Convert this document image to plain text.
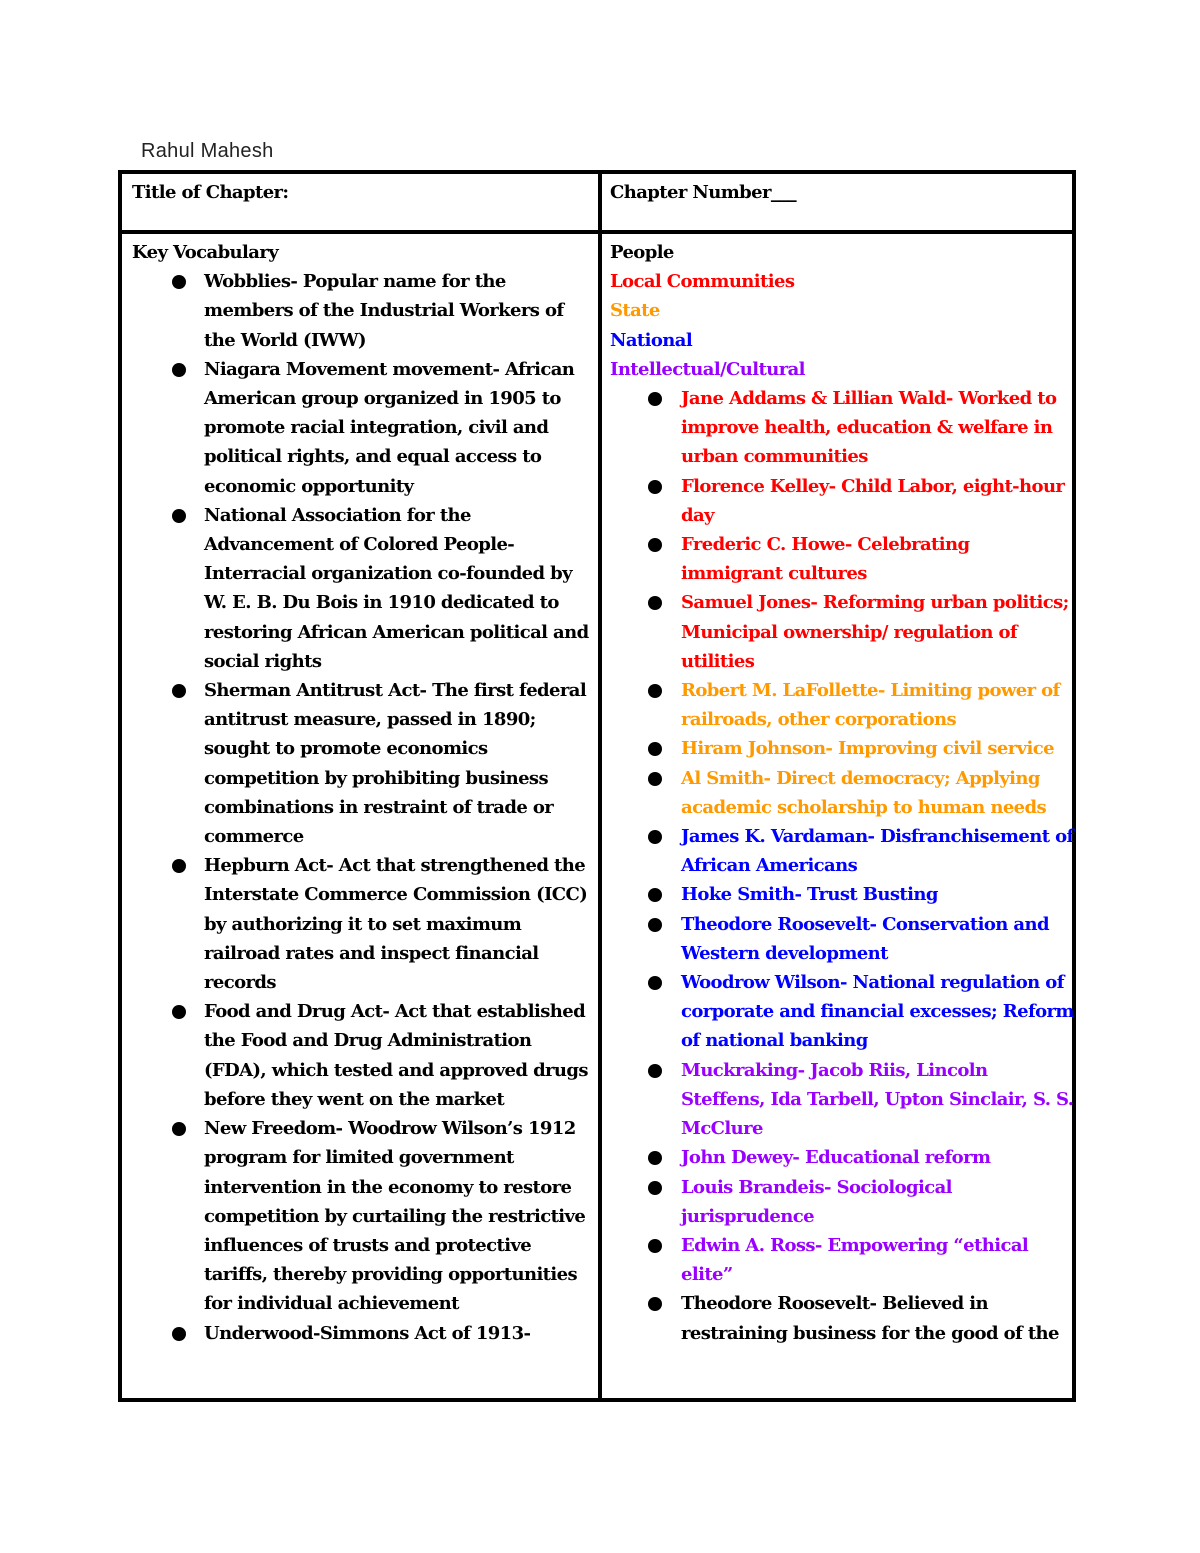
Rahul Mahesh
Title of Chapter:	Chapter Number___
Key Vocabulary
Wobblies- Popular name for the members of the Industrial Workers of the World (IWW)
Niagara Movement movement- African American group organized in 1905 to promote racial integration, civil and political rights, and equal access to economic opportunity
National Association for the Advancement of Colored People- Interracial organization co-founded by W. E. B. Du Bois in 1910 dedicated to restoring African American political and social rights
Sherman Antitrust Act- The first federal antitrust measure, passed in 1890; sought to promote economics competition by prohibiting business combinations in restraint of trade or commerce
Hepburn Act- Act that strengthened the Interstate Commerce Commission (ICC) by authorizing it to set maximum railroad rates and inspect financial records
Food and Drug Act- Act that established the Food and Drug Administration (FDA), which tested and approved drugs before they went on the market
New Freedom- Woodrow Wilson’s 1912 program for limited government intervention in the economy to restore competition by curtailing the restrictive influences of trusts and protective tariffs, thereby providing opportunities for individual achievement
Underwood-Simmons Act of 1913-
People
Local Communities
State
National
Intellectual/Cultural
Jane Addams & Lillian Wald- Worked to improve health, education & welfare in urban communities
Florence Kelley- Child Labor, eight-hour day
Frederic C. Howe- Celebrating immigrant cultures
Samuel Jones- Reforming urban politics; Municipal ownership/ regulation of utilities
Robert M. LaFollette- Limiting power of railroads, other corporations
Hiram Johnson- Improving civil service
Al Smith- Direct democracy; Applying academic scholarship to human needs
James K. Vardaman- Disfranchisement of African Americans
Hoke Smith- Trust Busting
Theodore Roosevelt- Conservation and Western development
Woodrow Wilson- National regulation of corporate and financial excesses; Reform of national banking
Muckraking- Jacob Riis, Lincoln Steffens, Ida Tarbell, Upton Sinclair, S. S. McClure
John Dewey- Educational reform
Louis Brandeis- Sociological jurisprudence
Edwin A. Ross- Empowering “ethical elite”
Theodore Roosevelt- Believed in restraining business for the good of the
